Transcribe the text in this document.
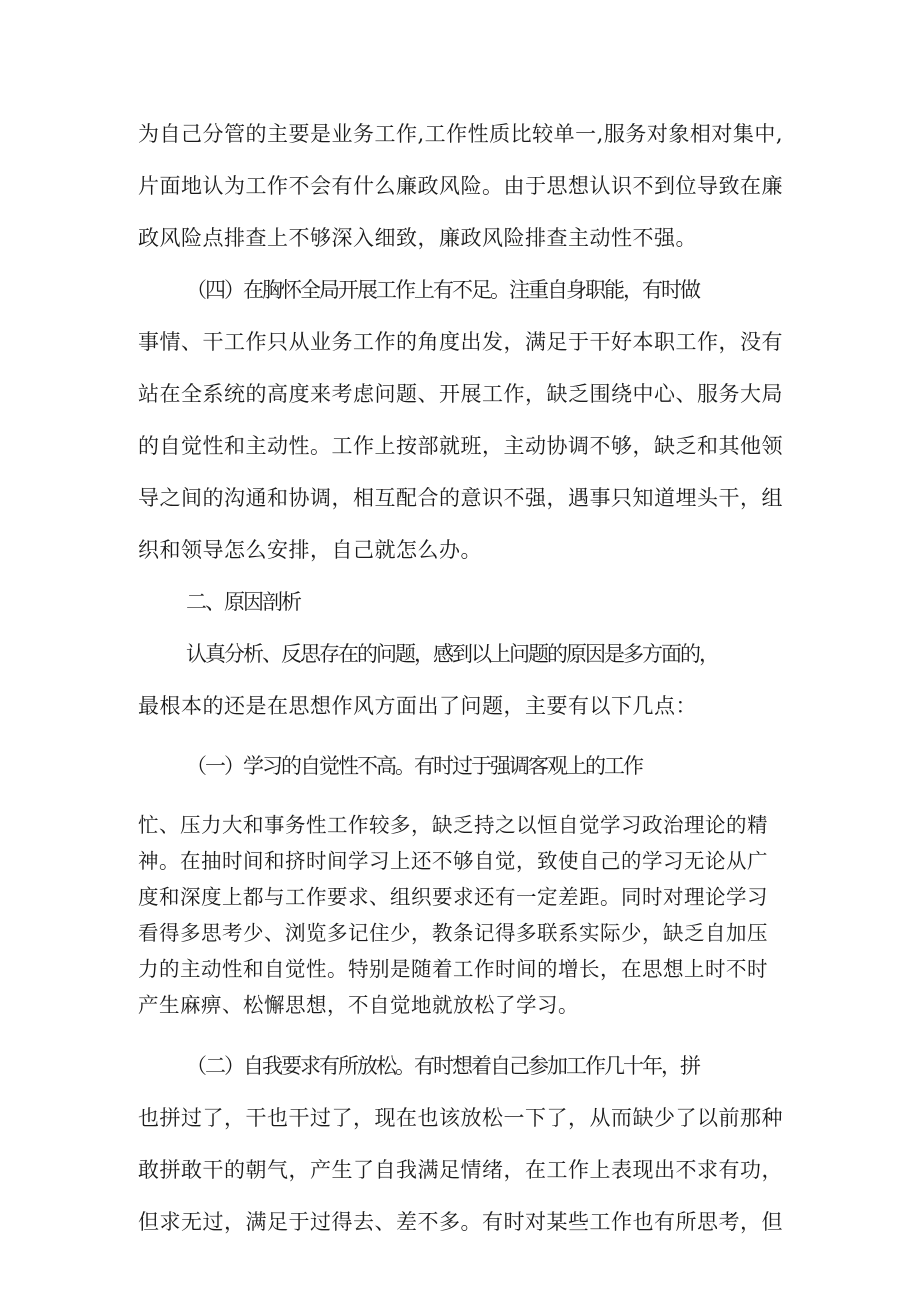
为自己分管的主要是业务工作,工作性质比较单一,服务对象相对集中,
片面地认为工作不会有什么廉政风险。由于思想认识不到位导致在廉
政风险点排查上不够深入细致，廉政风险排查主动性不强。
（四）在胸怀全局开展工作上有不足。注重自身职能，有时做
事情、干工作只从业务工作的角度出发，满足于干好本职工作，没有
站在全系统的高度来考虑问题、开展工作，缺乏围绕中心、服务大局
的自觉性和主动性。工作上按部就班，主动协调不够，缺乏和其他领
导之间的沟通和协调，相互配合的意识不强，遇事只知道埋头干，组
织和领导怎么安排，自己就怎么办。
二、原因剖析
认真分析、反思存在的问题，感到以上问题的原因是多方面的，
最根本的还是在思想作风方面出了问题，主要有以下几点：
（一）学习的自觉性不高。有时过于强调客观上的工作
忙、压力大和事务性工作较多，缺乏持之以恒自觉学习政治理论的精
神。在抽时间和挤时间学习上还不够自觉，致使自己的学习无论从广
度和深度上都与工作要求、组织要求还有一定差距。同时对理论学习
看得多思考少、浏览多记住少，教条记得多联系实际少，缺乏自加压
力的主动性和自觉性。特别是随着工作时间的增长，在思想上时不时
产生麻痹、松懈思想，不自觉地就放松了学习。
（二）自我要求有所放松。有时想着自己参加工作几十年，拼
也拼过了，干也干过了，现在也该放松一下了，从而缺少了以前那种
敢拼敢干的朝气，产生了自我满足情绪，在工作上表现出不求有功，
但求无过，满足于过得去、差不多。有时对某些工作也有所思考，但
